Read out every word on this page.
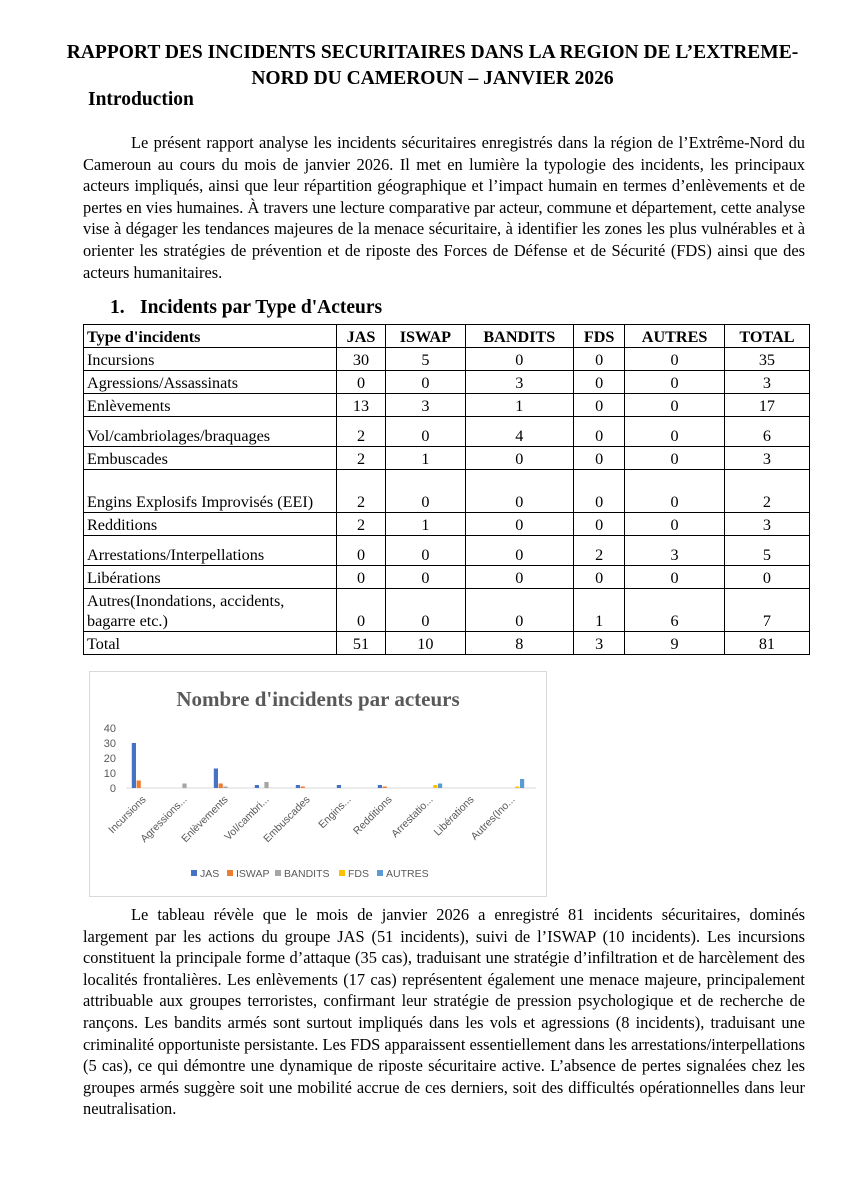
RAPPORT DES INCIDENTS SECURITAIRES DANS LA REGION DE L’EXTREME-NORD DU CAMEROUN – JANVIER 2026
Introduction

Le présent rapport analyse les incidents sécuritaires enregistrés dans la région de l’Extrême-Nord du Cameroun au cours du mois de janvier 2026. Il met en lumière la typologie des incidents, les principaux acteurs impliqués, ainsi que leur répartition géographique et l’impact humain en termes d’enlèvements et de pertes en vies humaines. À travers une lecture comparative par acteur, commune et département, cette analyse vise à dégager les tendances majeures de la menace sécuritaire, à identifier les zones les plus vulnérables et à orienter les stratégies de prévention et de riposte des Forces de Défense et de Sécurité (FDS) ainsi que des acteurs humanitaires.

1. Incidents par Type d'Acteurs
Type d'incidents	JAS	ISWAP	BANDITS	FDS	AUTRES	TOTAL
Incursions	30	5	0	0	0	35
Agressions/Assassinats	0	0	3	0	0	3
Enlèvements	13	3	1	0	0	17
Vol/cambriolages/braquages	2	0	4	0	0	6
Embuscades	2	1	0	0	0	3
Engins Explosifs Improvisés (EEI)	2	0	0	0	0	2
Redditions	2	1	0	0	0	3
Arrestations/Interpellations	0	0	0	2	3	5
Libérations	0	0	0	0	0	0
Autres(Inondations, accidents, bagarre etc.)	0	0	0	1	6	7
Total	51	10	8	3	9	81
Nombre d'incidents par acteurs
0
10
20
30
40
Incursions
Agressions...
Enlèvements
Vol/cambri...
Embuscades Engins...
Redditions
Arrestatio...
Libérations
Autres(Ino...
JAS ISWAP BANDITS FDS AUTRES

Le tableau révèle que le mois de janvier 2026 a enregistré 81 incidents sécuritaires, dominés largement par les actions du groupe JAS (51 incidents), suivi de l’ISWAP (10 incidents). Les incursions constituent la principale forme d’attaque (35 cas), traduisant une stratégie d’infiltration et de harcèlement des localités frontalières. Les enlèvements (17 cas) représentent également une menace majeure, principalement attribuable aux groupes terroristes, confirmant leur stratégie de pression psychologique et de recherche de rançons. Les bandits armés sont surtout impliqués dans les vols et agressions (8 incidents), traduisant une criminalité opportuniste persistante. Les FDS apparaissent essentiellement dans les arrestations/interpellations (5 cas), ce qui démontre une dynamique de riposte sécuritaire active. L’absence de pertes signalées chez les groupes armés suggère soit une mobilité accrue de ces derniers, soit des difficultés opérationnelles dans leur neutralisation.
